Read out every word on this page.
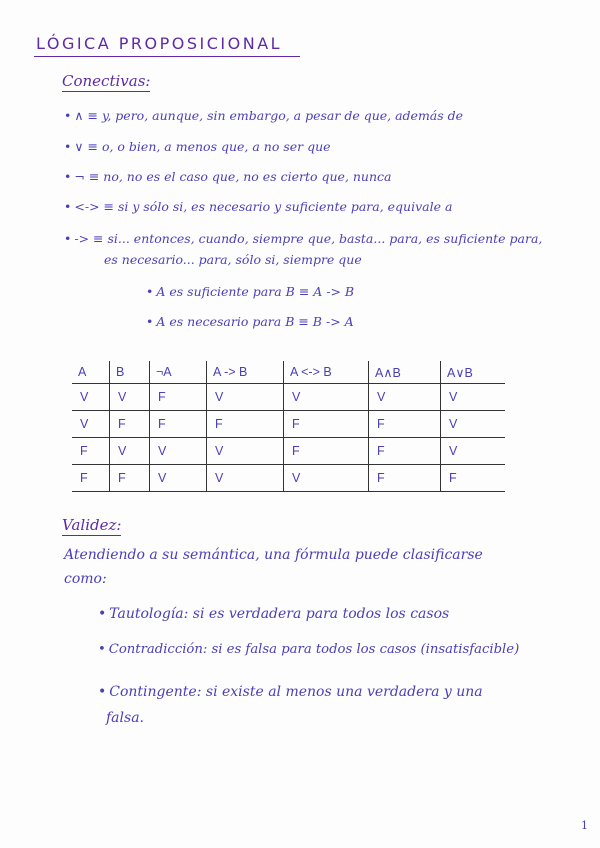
LÓGICA PROPOSICIONAL
Conectivas:
• ∧ ≡ y, pero, aunque, sin embargo, a pesar de que, además de
• ∨ ≡ o, o bien, a menos que, a no ser que
• ¬ ≡ no, no es el caso que, no es cierto que, nunca
• <-> ≡ si y sólo si, es necesario y suficiente para, equivale a
• -> ≡ si... entonces, cuando, siempre que, basta... para, es suficiente para,
es necesario... para, sólo si, siempre que
• A es suficiente para B ≡ A -> B
• A es necesario para B ≡ B -> A
A	B	¬A	A -> B	A <-> B	A∧B	A∨B
V	V	F	V	V	V	V
V	F	F	F	F	F	V
F	V	V	V	F	F	V
F	F	V	V	V	F	F
Validez:
Atendiendo a su semántica, una fórmula puede clasificarse
como:
• Tautología: si es verdadera para todos los casos
• Contradicción: si es falsa para todos los casos (insatisfacible)
• Contingente: si existe al menos una verdadera y una
falsa.
1
